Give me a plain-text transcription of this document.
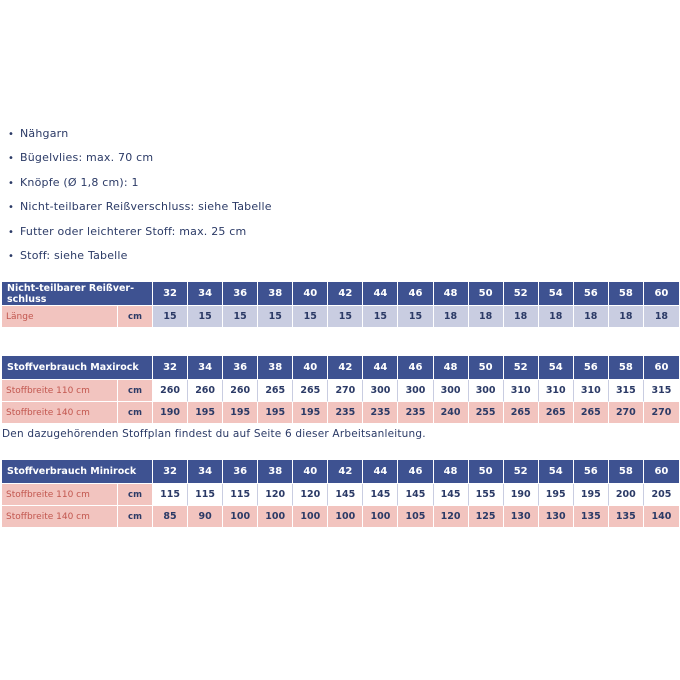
• Nähgarn
• Bügelvlies: max. 70 cm
• Knöpfe (Ø 1,8 cm): 1
• Nicht-teilbarer Reißverschluss: siehe Tabelle
• Futter oder leichterer Stoff: max. 25 cm
• Stoff: siehe Tabelle
Nicht-teilbarer Reißverschluss		32	34	36	38	40	42	44	46	48	50	52	54	56	58	60
Länge	cm	15	15	15	15	15	15	15	15	18	18	18	18	18	18	18
Stoffverbrauch Maxirock		32	34	36	38	40	42	44	46	48	50	52	54	56	58	60
Stoffbreite 110 cm	cm	260	260	260	265	265	270	300	300	300	300	310	310	310	315	315
Stoffbreite 140 cm	cm	190	195	195	195	195	235	235	235	240	255	265	265	265	270	270
Den dazugehörenden Stoffplan findest du auf Seite 6 dieser Arbeitsanleitung.
Stoffverbrauch Minirock		32	34	36	38	40	42	44	46	48	50	52	54	56	58	60
Stoffbreite 110 cm	cm	115	115	115	120	120	145	145	145	145	155	190	195	195	200	205
Stoffbreite 140 cm	cm	85	90	100	100	100	100	100	105	120	125	130	130	135	135	140
